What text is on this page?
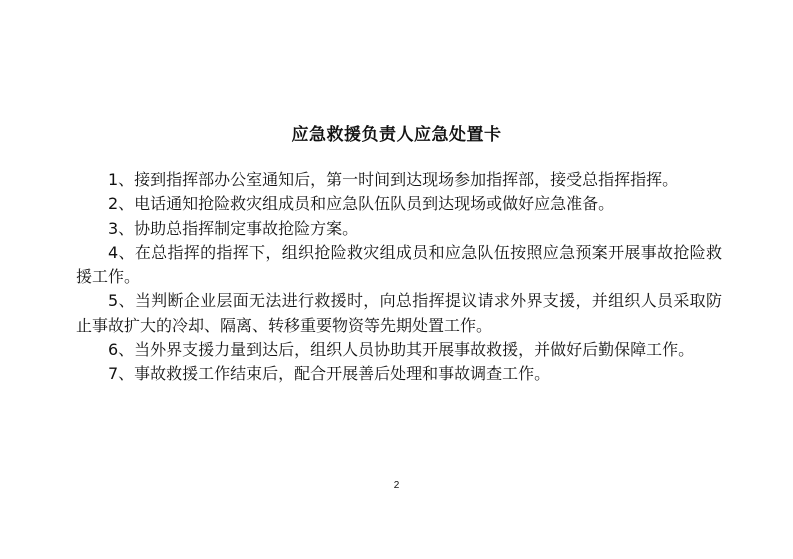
应急救援负责人应急处置卡

1、接到指挥部办公室通知后，第一时间到达现场参加指挥部，接受总指挥指挥。

2、电话通知抢险救灾组成员和应急队伍队员到达现场或做好应急准备。

3、协助总指挥制定事故抢险方案。

4、在总指挥的指挥下，组织抢险救灾组成员和应急队伍按照应急预案开展事故抢险救援工作。

5、当判断企业层面无法进行救援时，向总指挥提议请求外界支援，并组织人员采取防止事故扩大的冷却、隔离、转移重要物资等先期处置工作。

6、当外界支援力量到达后，组织人员协助其开展事故救援，并做好后勤保障工作。

7、事故救援工作结束后，配合开展善后处理和事故调查工作。

2
